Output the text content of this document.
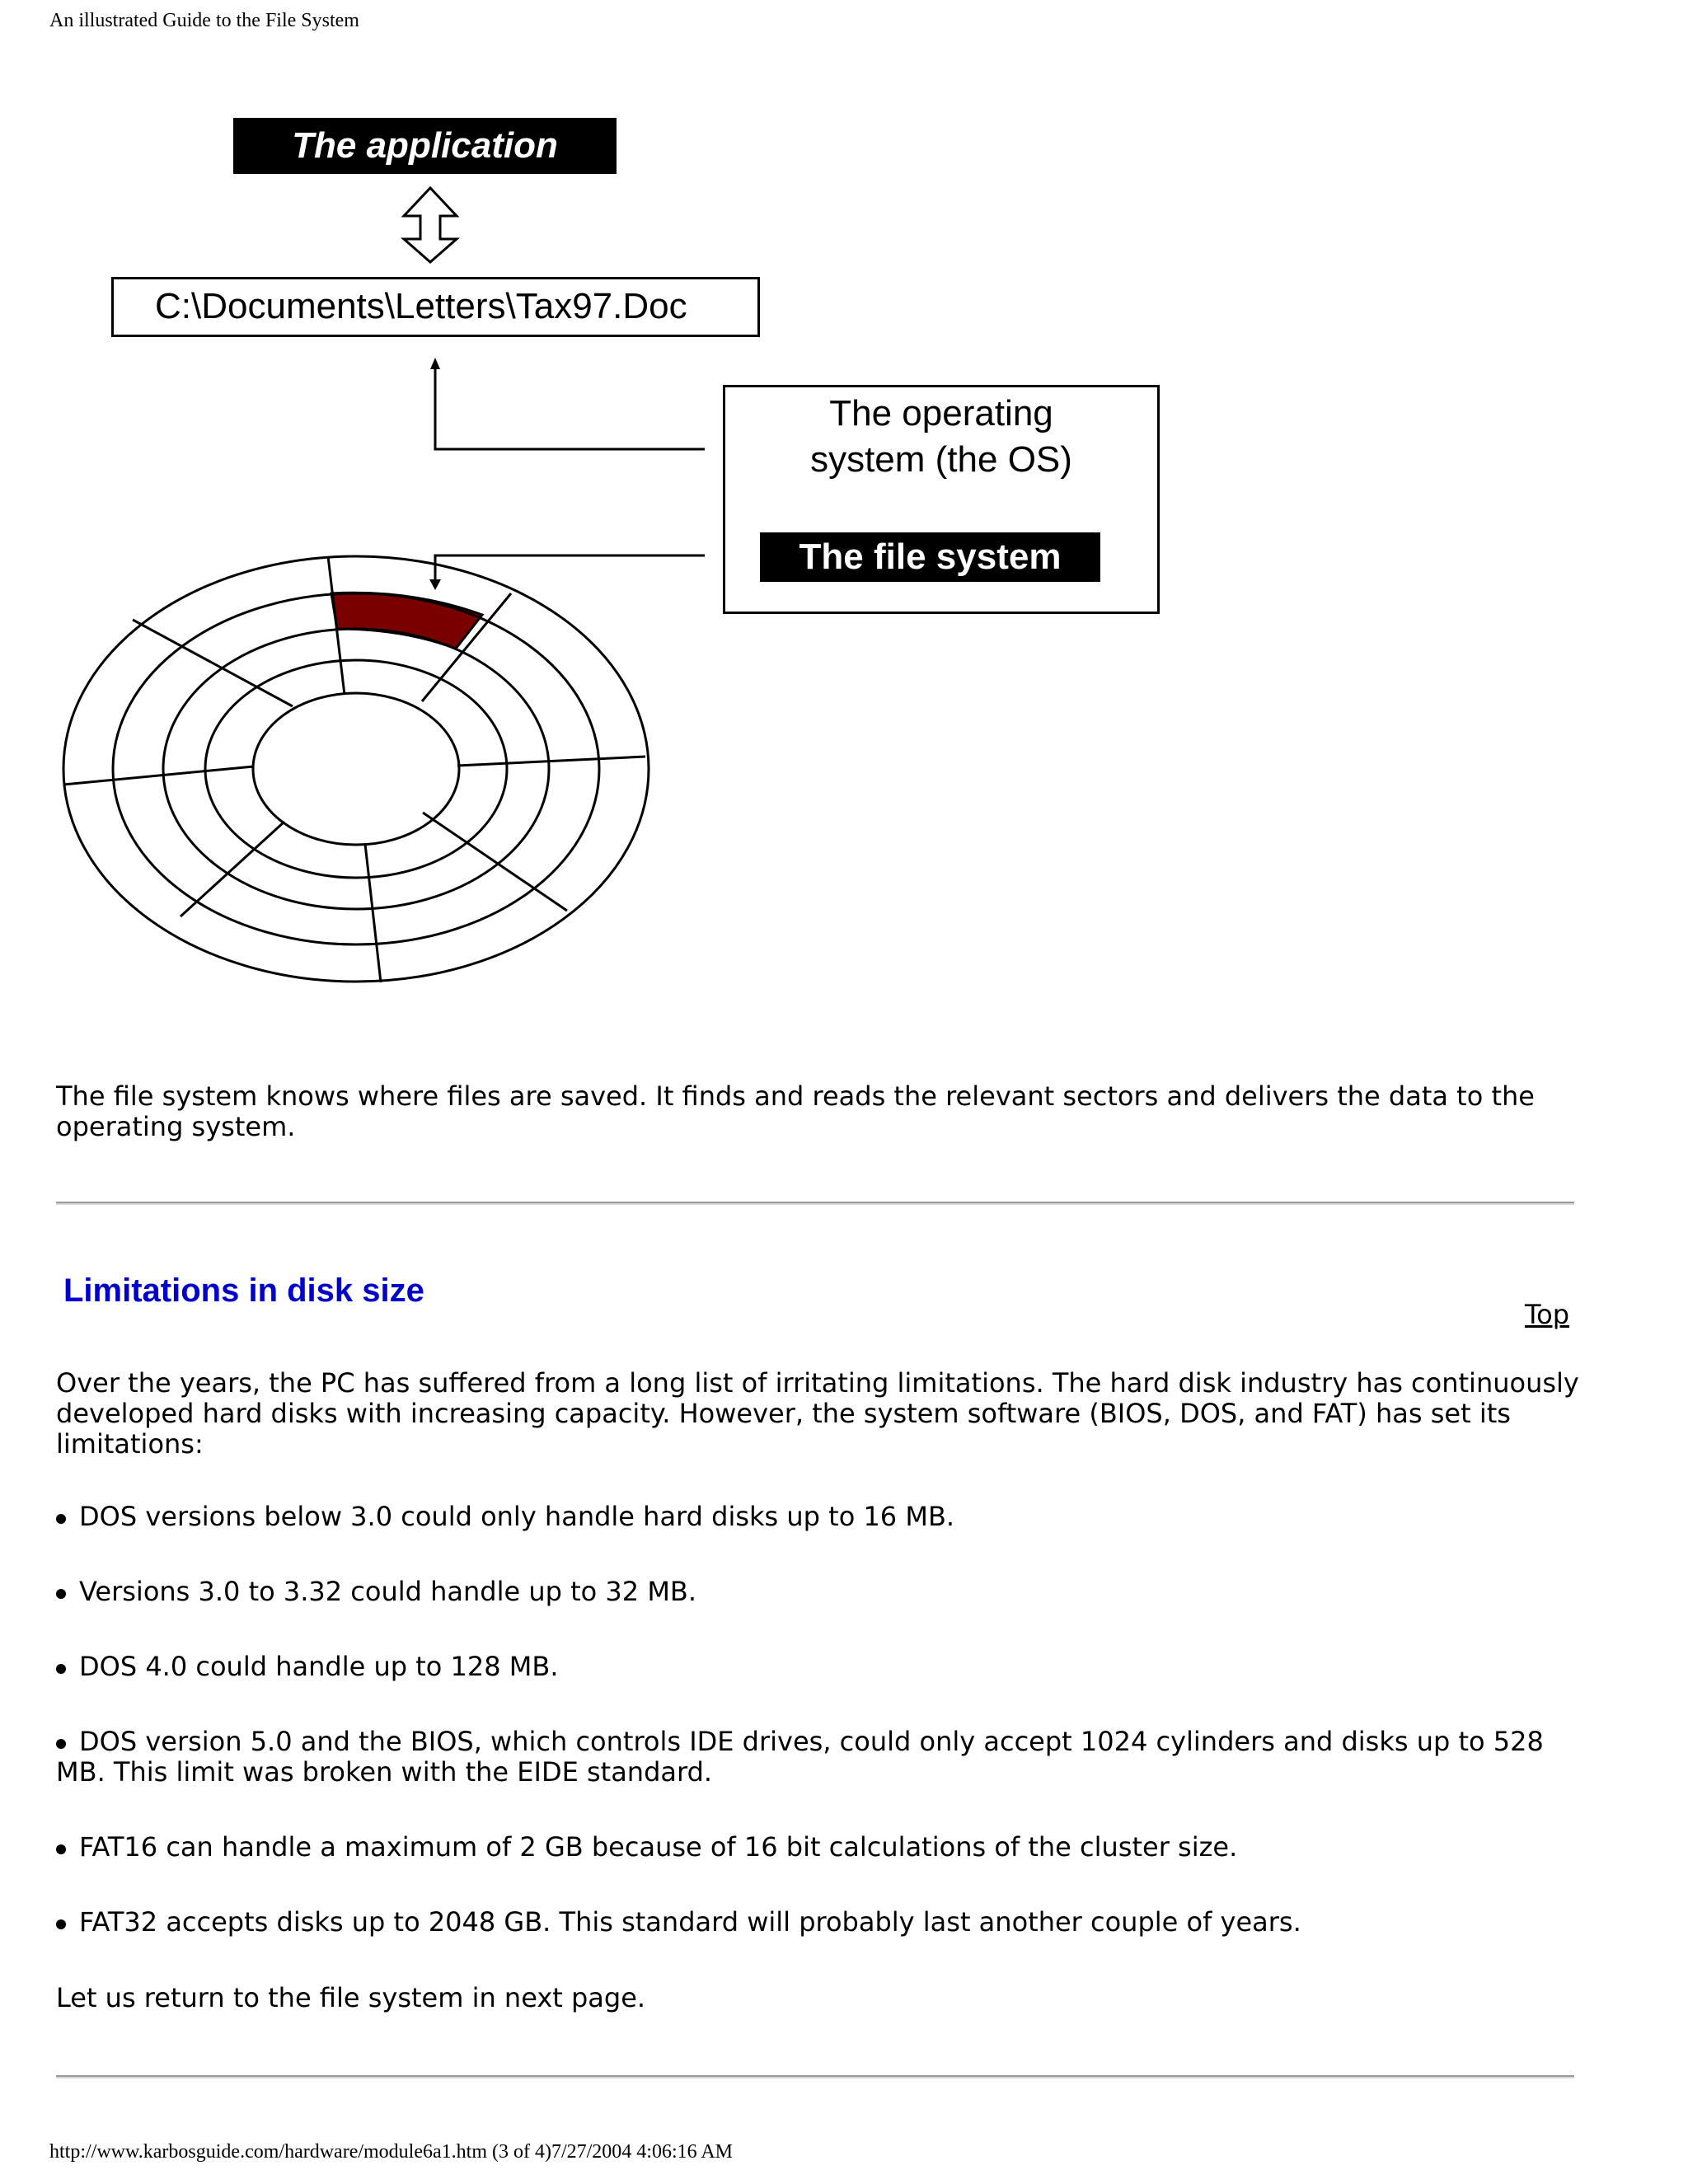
An illustrated Guide to the File System
The application
C:\Documents\Letters\Tax97.Doc
The operating
system (the OS)
The file system

The file system knows where files are saved. It finds and reads the relevant sectors and delivers the data to the operating system.

Limitations in disk size
Top

Over the years, the PC has suffered from a long list of irritating limitations. The hard disk industry has continuously developed hard disks with increasing capacity. However, the system software (BIOS, DOS, and FAT) has set its limitations:

DOS versions below 3.0 could only handle hard disks up to 16 MB.
Versions 3.0 to 3.32 could handle up to 32 MB.
DOS 4.0 could handle up to 128 MB.
DOS version 5.0 and the BIOS, which controls IDE drives, could only accept 1024 cylinders and disks up to 528 MB. This limit was broken with the EIDE standard.
FAT16 can handle a maximum of 2 GB because of 16 bit calculations of the cluster size.
FAT32 accepts disks up to 2048 GB. This standard will probably last another couple of years.

Let us return to the file system in next page.

http://www.karbosguide.com/hardware/module6a1.htm (3 of 4)7/27/2004 4:06:16 AM
